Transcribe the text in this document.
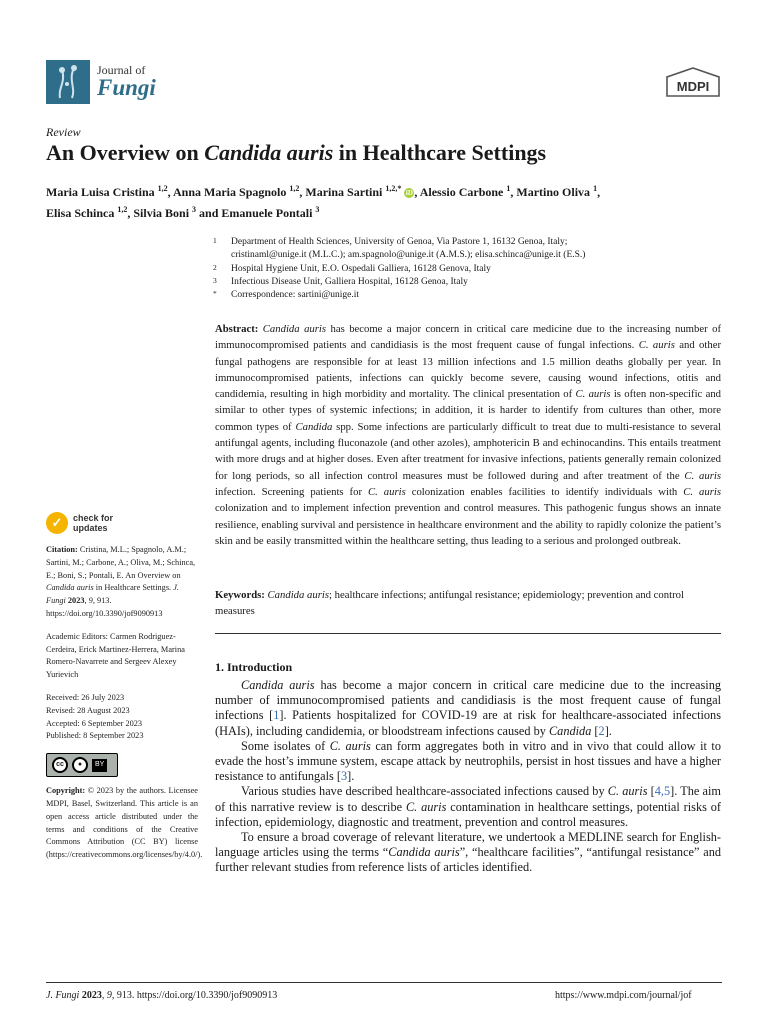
Journal of
Fungi	MDPI
Review
An Overview on Candida auris in Healthcare Settings
Maria Luisa Cristina $^{1,2}$, Anna Maria Spagnolo $^{1,2}$, Marina Sartini $^{1,2,*}$ iD , Alessio Carbone $^1$, Martino Oliva $^1$,
Elisa Schinca $^{1,2}$, Silvia Boni $^3$ and Emanuele Pontali $^3$
1 Department of Health Sciences, University of Genoa, Via Pastore 1, 16132 Genoa, Italy;
cristinaml@unige.it (M.L.C.); am.spagnolo@unige.it (A.M.S.); elisa.schinca@unige.it (E.S.)
2 Hospital Hygiene Unit, E.O. Ospedali Galliera, 16128 Genova, Italy
3 Infectious Disease Unit, Galliera Hospital, 16128 Genoa, Italy
* Correspondence: sartini@unige.it
Abstract: Candida auris has become a major concern in critical care medicine due to the increasing number of immunocompromised patients and candidiasis is the most frequent cause of fungal infections. C. auris and other fungal pathogens are responsible for at least 13 million infections and 1.5 million deaths globally per year. In immunocompromised patients, infections can quickly become severe, causing wound infections, otitis and candidemia, resulting in high morbidity and mortality. The clinical presentation of C. auris is often non-specific and similar to other types of systemic infections; in addition, it is harder to identify from cultures than other, more common types of Candida spp. Some infections are particularly difficult to treat due to multi-resistance to several antifungal agents, including fluconazole (and other azoles), amphotericin B and echinocandins. This entails treatment with more drugs and at higher doses. Even after treatment for invasive infections, patients generally remain colonized for long periods, so all infection control measures must be followed during and after treatment of the C. auris infection. Screening patients for C. auris colonization enables facilities to identify individuals with C. auris colonization and to implement infection prevention and control measures. This pathogenic fungus shows an innate resilience, enabling survival and persistence in healthcare environment and the ability to rapidly colonize the patient’s skin and be easily transmitted within the healthcare setting, thus leading to a serious and prolonged outbreak.
Keywords: Candida auris; healthcare infections; antifungal resistance; epidemiology; prevention and control measures
✓	check for
updates
Citation: Cristina, M.L.; Spagnolo, A.M.; Sartini, M.; Carbone, A.; Oliva, M.; Schinca, E.; Boni, S.; Pontali, E. An Overview on Candida auris in Healthcare Settings. J. Fungi 2023, 9, 913. https://doi.org/10.3390/jof9090913
Academic Editors: Carmen Rodriguez-Cerdeira, Erick Martinez-Herrera, Marina Romero-Navarrete and Sergeev Alexey Yurievich
Received: 26 July 2023
Revised: 28 August 2023
Accepted: 6 September 2023
Published: 8 September 2023
cc	●	BY
Copyright: © 2023 by the authors. Licensee MDPI, Basel, Switzerland. This article is an open access article distributed under the terms and conditions of the Creative Commons Attribution (CC BY) license (https://creativecommons.org/licenses/by/4.0/).
1. Introduction

Candida auris has become a major concern in critical care medicine due to the increasing number of immunocompromised patients and candidiasis is the most frequent cause of fungal infections [1]. Patients hospitalized for COVID-19 are at risk for healthcare-associated infections (HAIs), including candidemia, or bloodstream infections caused by Candida [2].

Some isolates of C. auris can form aggregates both in vitro and in vivo that could allow it to evade the host’s immune system, escape attack by neutrophils, persist in host tissues and have a higher resistance to antifungals [3].

Various studies have described healthcare-associated infections caused by C. auris [4,5]. The aim of this narrative review is to describe C. auris contamination in healthcare settings, potential risks of infection, epidemiology, diagnostic and treatment, prevention and control measures.

To ensure a broad coverage of relevant literature, we undertook a MEDLINE search for English-language articles using the terms “Candida auris”, “healthcare facilities”, “antifungal resistance” and further relevant studies from reference lists of articles identified.

J. Fungi 2023, 9, 913. https://doi.org/10.3390/jof9090913	https://www.mdpi.com/journal/jof
